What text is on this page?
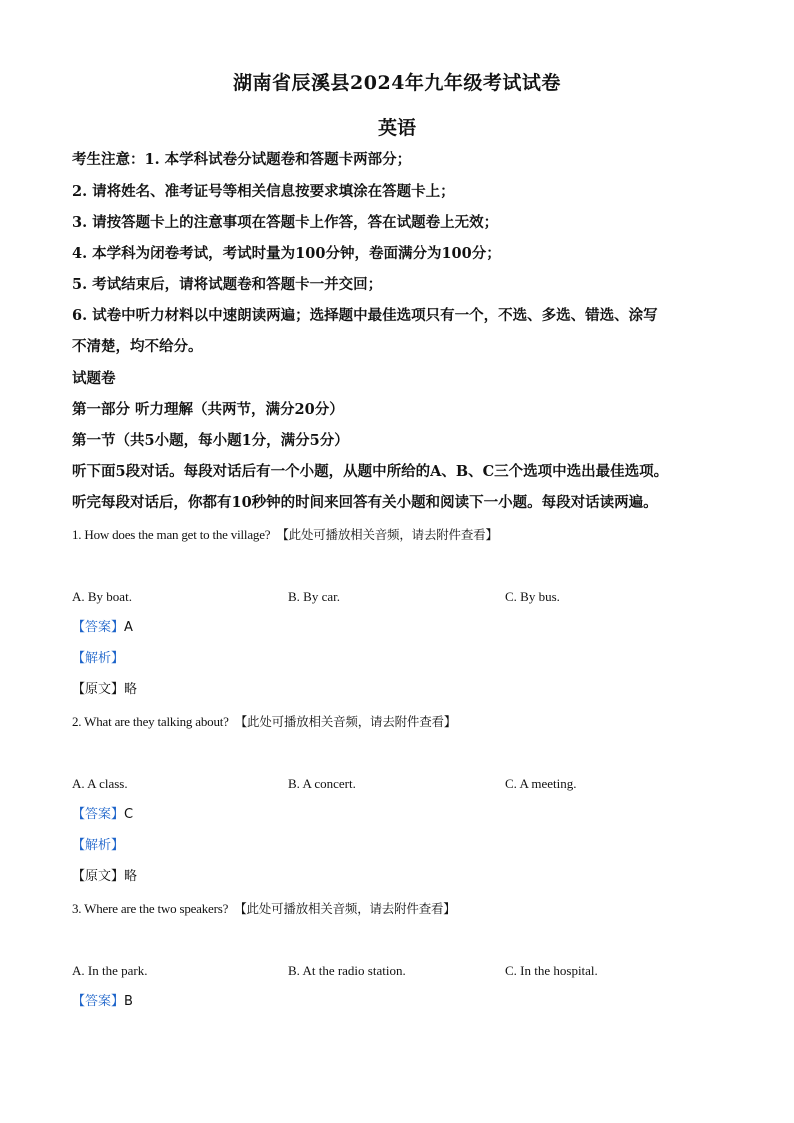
湖南省辰溪县2024年九年级考试试卷
英语
考生注意：1. 本学科试卷分试题卷和答题卡两部分；
2. 请将姓名、准考证号等相关信息按要求填涂在答题卡上；
3. 请按答题卡上的注意事项在答题卡上作答，答在试题卷上无效；
4. 本学科为闭卷考试，考试时量为100分钟，卷面满分为100分；
5. 考试结束后，请将试题卷和答题卡一并交回；
6. 试卷中听力材料以中速朗读两遍；选择题中最佳选项只有一个，不选、多选、错选、涂写
不清楚，均不给分。
试题卷
第一部分 听力理解（共两节，满分20分）
第一节（共5小题，每小题1分，满分5分）
听下面5段对话。每段对话后有一个小题，从题中所给的A、B、C三个选项中选出最佳选项。
听完每段对话后，你都有10秒钟的时间来回答有关小题和阅读下一小题。每段对话读两遍。
1. How does the man get to the village? 【此处可播放相关音频，请去附件查看】
A. By boat.	B. By car.	C. By bus.
【答案】A
【解析】
【原文】略
2. What are they talking about? 【此处可播放相关音频，请去附件查看】
A. A class.	B. A concert.	C. A meeting.
【答案】C
【解析】
【原文】略
3. Where are the two speakers? 【此处可播放相关音频，请去附件查看】
A. In the park.	B. At the radio station.	C. In the hospital.
【答案】B
